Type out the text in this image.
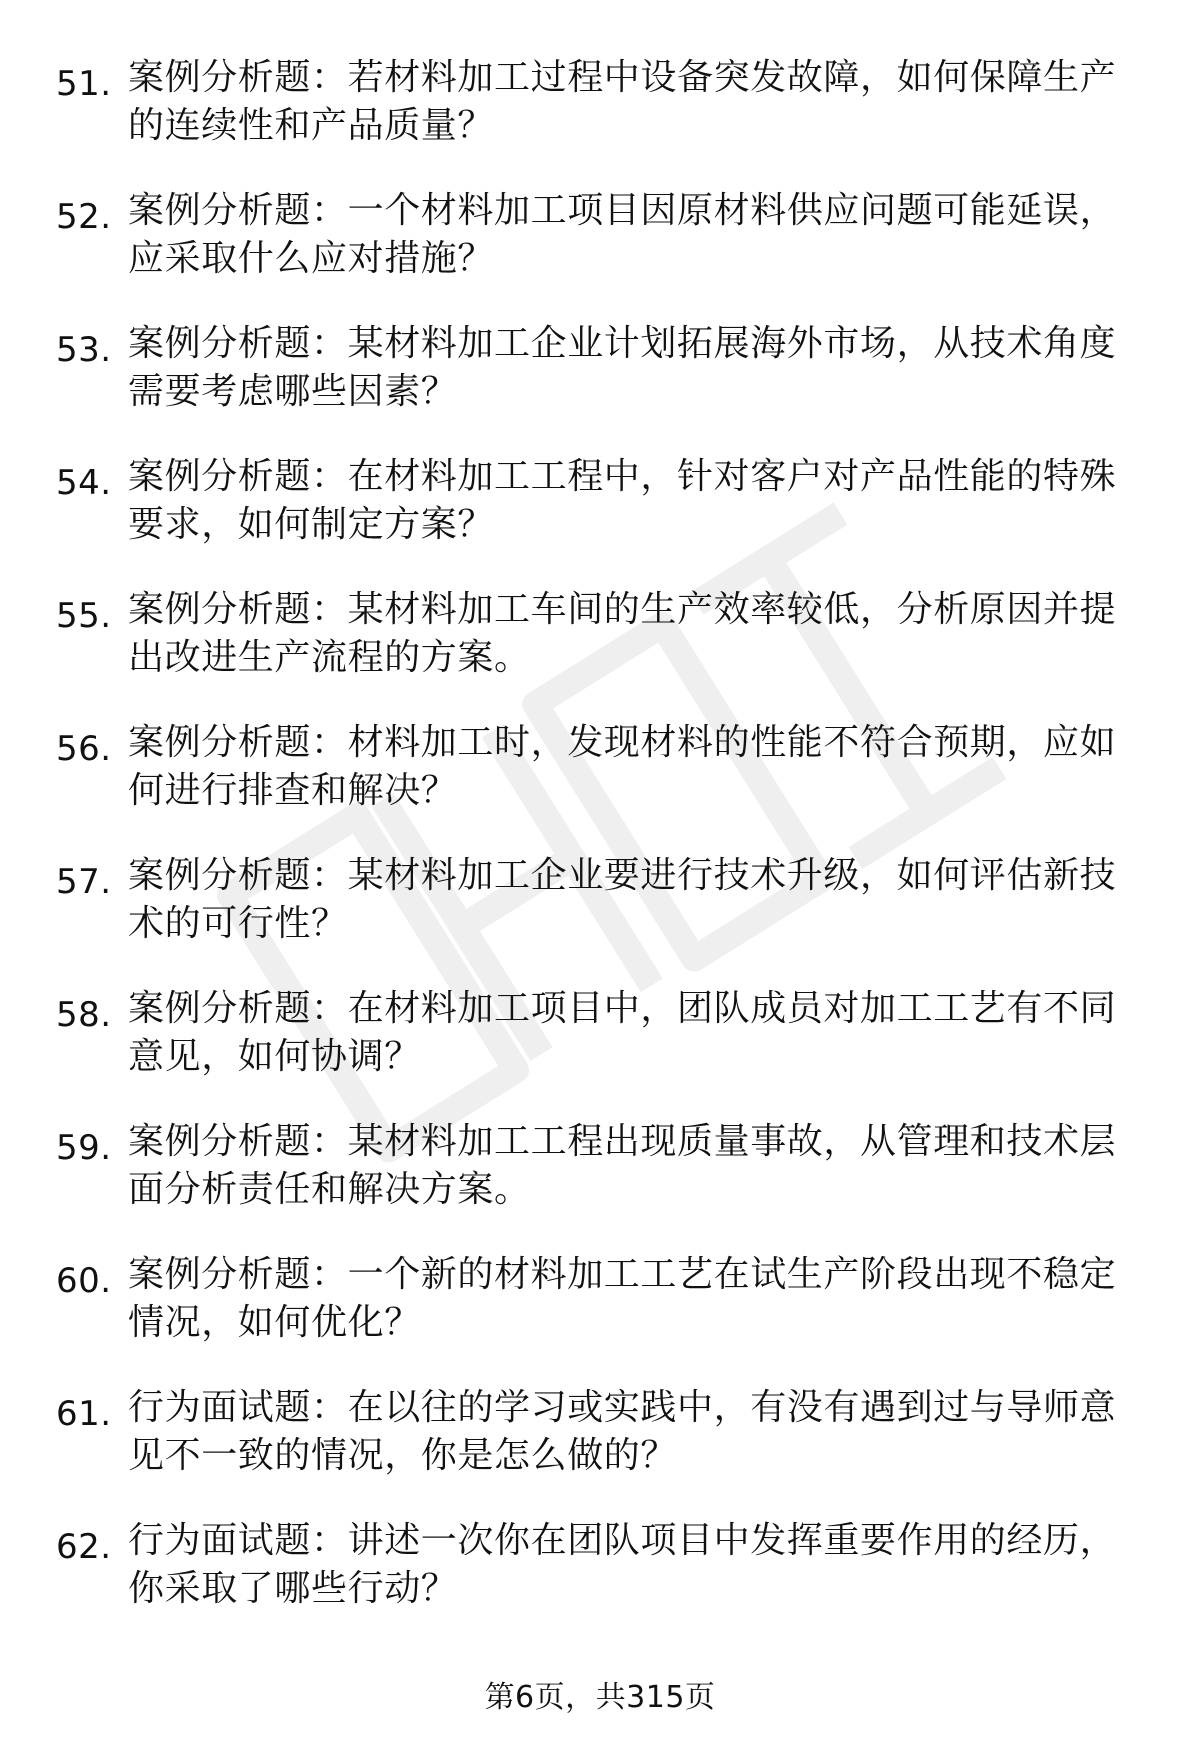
51. 案例分析题：若材料加工过程中设备突发故障，如何保障生产的连续性和产品质量？
52. 案例分析题：一个材料加工项目因原材料供应问题可能延误，应采取什么应对措施？
53. 案例分析题：某材料加工企业计划拓展海外市场，从技术角度需要考虑哪些因素？
54. 案例分析题：在材料加工工程中，针对客户对产品性能的特殊要求，如何制定方案？
55. 案例分析题：某材料加工车间的生产效率较低，分析原因并提出改进生产流程的方案。
56. 案例分析题：材料加工时，发现材料的性能不符合预期，应如何进行排查和解决？
57. 案例分析题：某材料加工企业要进行技术升级，如何评估新技术的可行性？
58. 案例分析题：在材料加工项目中，团队成员对加工工艺有不同意见，如何协调？
59. 案例分析题：某材料加工工程出现质量事故，从管理和技术层面分析责任和解决方案。
60. 案例分析题：一个新的材料加工工艺在试生产阶段出现不稳定情况，如何优化？
61. 行为面试题：在以往的学习或实践中，有没有遇到过与导师意见不一致的情况，你是怎么做的？
62. 行为面试题：讲述一次你在团队项目中发挥重要作用的经历，你采取了哪些行动？
第6页，共315页
